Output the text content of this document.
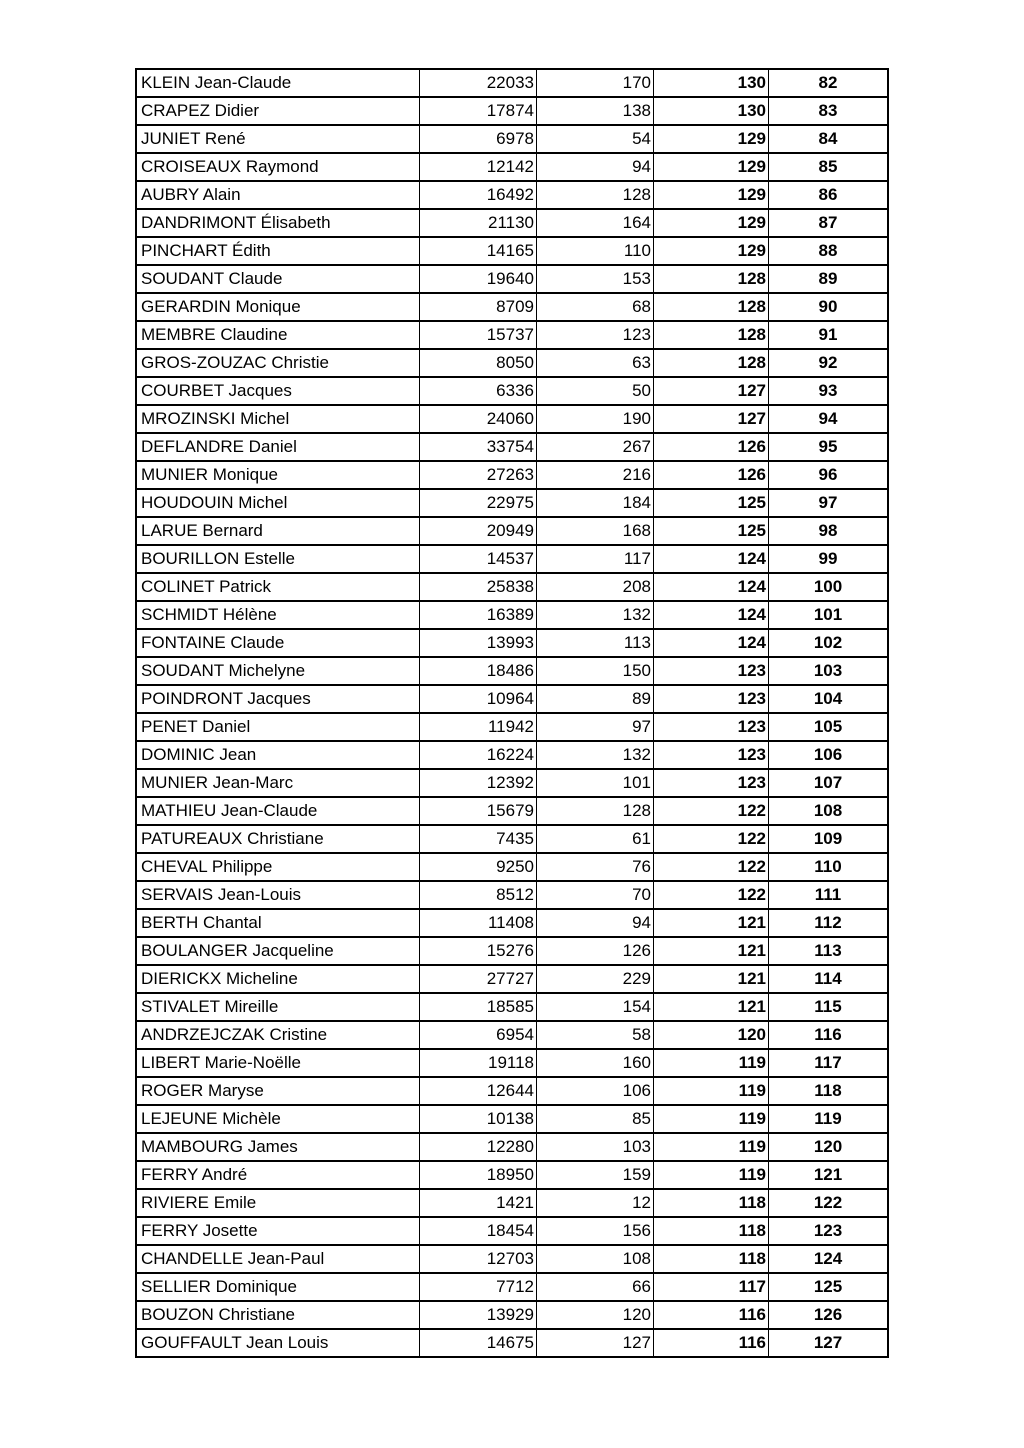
KLEIN Jean-Claude	22033	170	130	82
CRAPEZ Didier	17874	138	130	83
JUNIET René	6978	54	129	84
CROISEAUX Raymond	12142	94	129	85
AUBRY Alain	16492	128	129	86
DANDRIMONT Élisabeth	21130	164	129	87
PINCHART Édith	14165	110	129	88
SOUDANT Claude	19640	153	128	89
GERARDIN Monique	8709	68	128	90
MEMBRE Claudine	15737	123	128	91
GROS-ZOUZAC Christie	8050	63	128	92
COURBET Jacques	6336	50	127	93
MROZINSKI Michel	24060	190	127	94
DEFLANDRE Daniel	33754	267	126	95
MUNIER Monique	27263	216	126	96
HOUDOUIN Michel	22975	184	125	97
LARUE Bernard	20949	168	125	98
BOURILLON Estelle	14537	117	124	99
COLINET Patrick	25838	208	124	100
SCHMIDT Hélène	16389	132	124	101
FONTAINE Claude	13993	113	124	102
SOUDANT Michelyne	18486	150	123	103
POINDRONT Jacques	10964	89	123	104
PENET Daniel	11942	97	123	105
DOMINIC Jean	16224	132	123	106
MUNIER Jean-Marc	12392	101	123	107
MATHIEU Jean-Claude	15679	128	122	108
PATUREAUX Christiane	7435	61	122	109
CHEVAL Philippe	9250	76	122	110
SERVAIS Jean-Louis	8512	70	122	111
BERTH Chantal	11408	94	121	112
BOULANGER Jacqueline	15276	126	121	113
DIERICKX Micheline	27727	229	121	114
STIVALET Mireille	18585	154	121	115
ANDRZEJCZAK Cristine	6954	58	120	116
LIBERT Marie-Noëlle	19118	160	119	117
ROGER Maryse	12644	106	119	118
LEJEUNE Michèle	10138	85	119	119
MAMBOURG James	12280	103	119	120
FERRY André	18950	159	119	121
RIVIERE Emile	1421	12	118	122
FERRY Josette	18454	156	118	123
CHANDELLE Jean-Paul	12703	108	118	124
SELLIER Dominique	7712	66	117	125
BOUZON Christiane	13929	120	116	126
GOUFFAULT Jean Louis	14675	127	116	127
